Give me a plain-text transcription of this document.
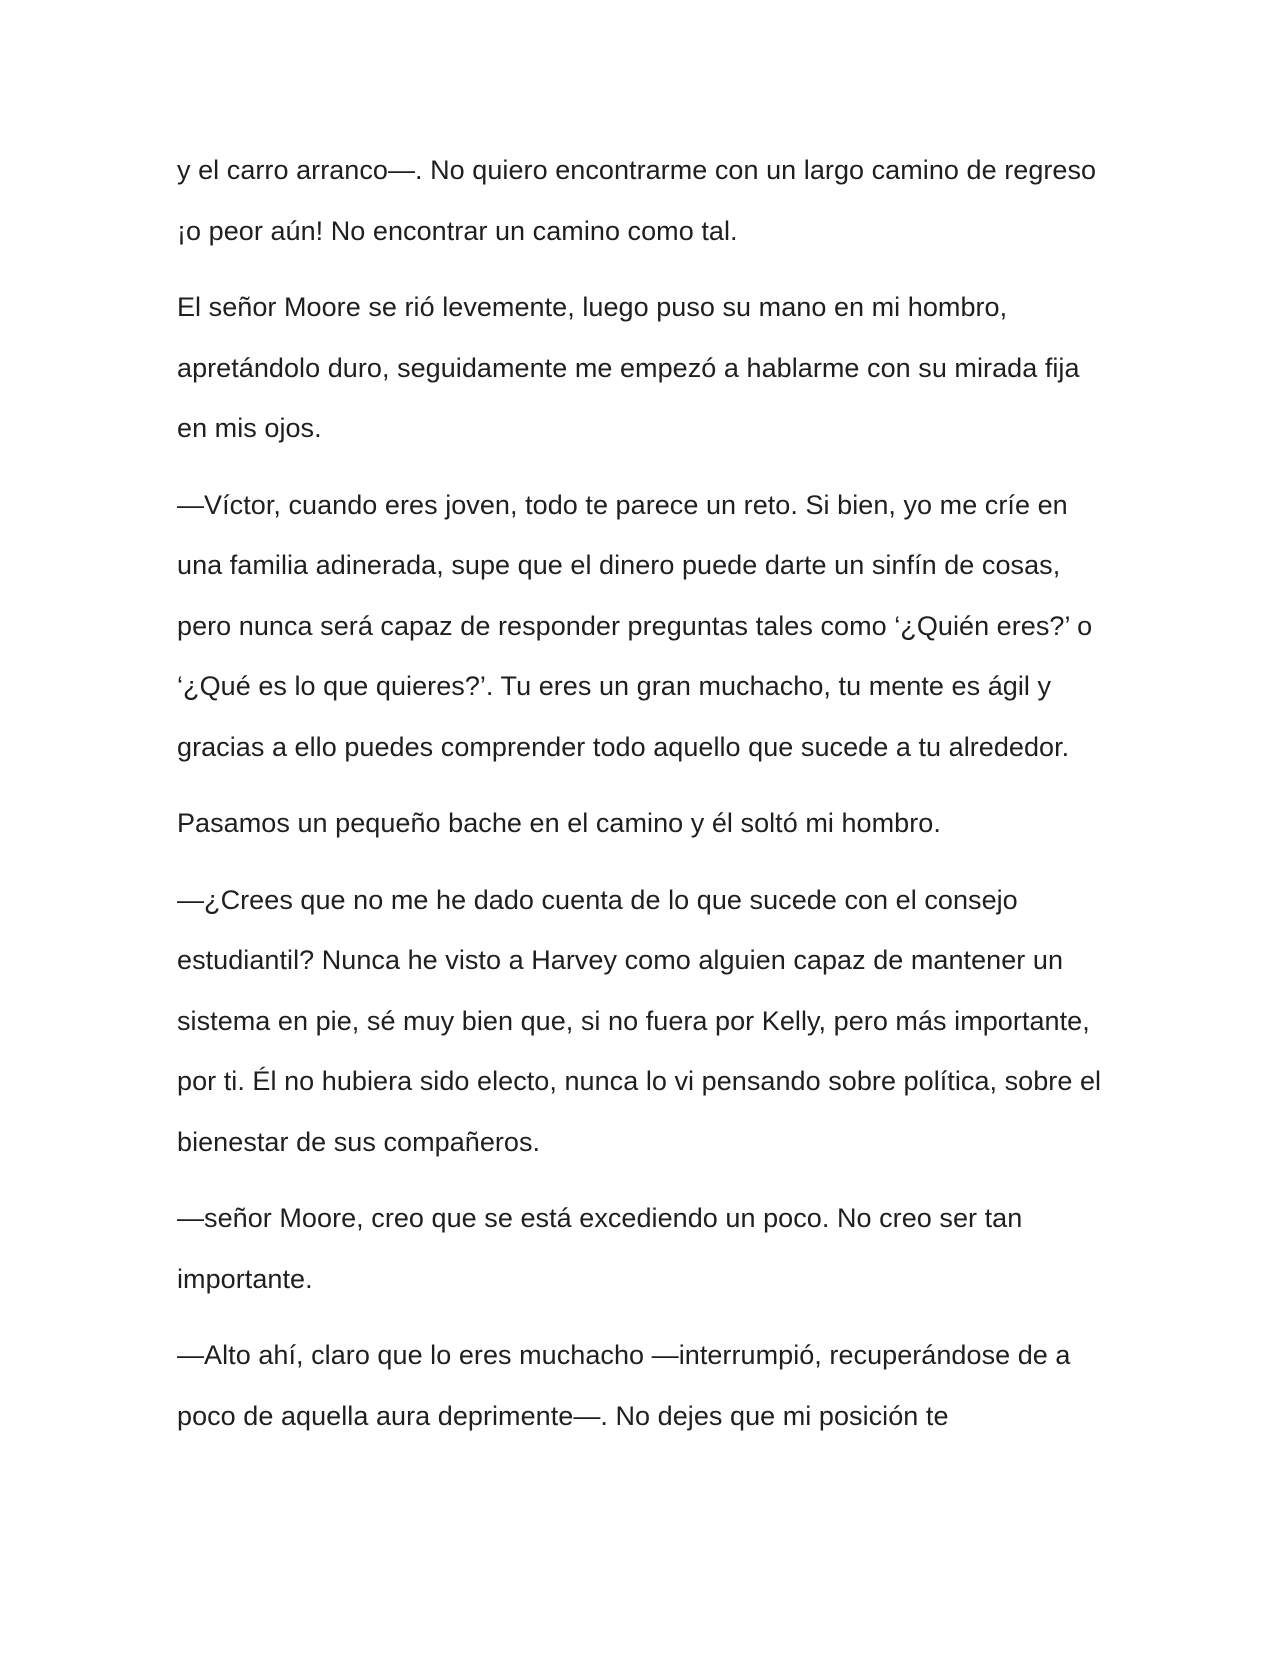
y el carro arranco—. No quiero encontrarme con un largo camino de regreso ¡o peor aún! No encontrar un camino como tal.

El señor Moore se rió levemente, luego puso su mano en mi hombro, apretándolo duro, seguidamente me empezó a hablarme con su mirada fija en mis ojos.

—Víctor, cuando eres joven, todo te parece un reto. Si bien, yo me críe en una familia adinerada, supe que el dinero puede darte un sinfín de cosas, pero nunca será capaz de responder preguntas tales como ‘¿Quién eres?’ o ‘¿Qué es lo que quieres?’. Tu eres un gran muchacho, tu mente es ágil y gracias a ello puedes comprender todo aquello que sucede a tu alrededor.

Pasamos un pequeño bache en el camino y él soltó mi hombro.

—¿Crees que no me he dado cuenta de lo que sucede con el consejo estudiantil? Nunca he visto a Harvey como alguien capaz de mantener un sistema en pie, sé muy bien que, si no fuera por Kelly, pero más importante, por ti. Él no hubiera sido electo, nunca lo vi pensando sobre política, sobre el bienestar de sus compañeros.

—señor Moore, creo que se está excediendo un poco. No creo ser tan importante.

—Alto ahí, claro que lo eres muchacho —interrumpió, recuperándose de a poco de aquella aura deprimente—. No dejes que mi posición te
